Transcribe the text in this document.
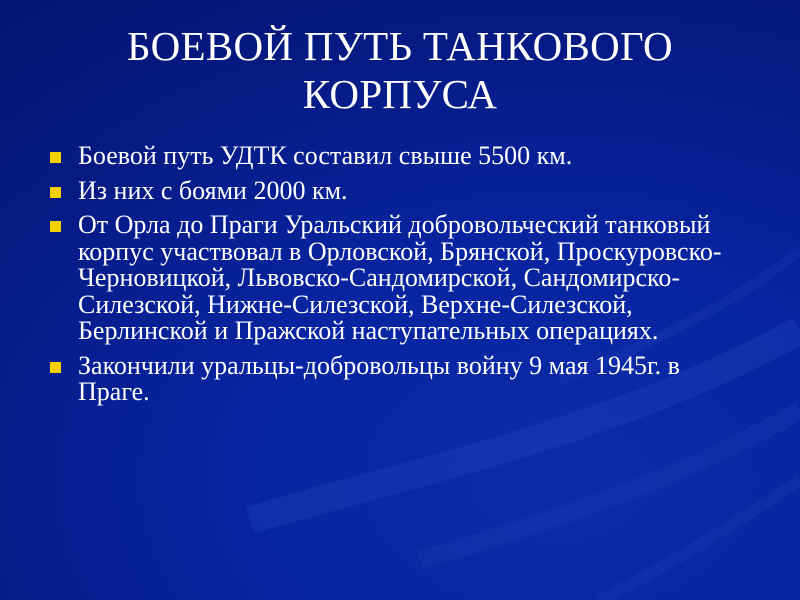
БОЕВОЙ ПУТЬ ТАНКОВОГО КОРПУСА
Боевой путь УДТК составил свыше 5500 км.
Из них с боями 2000 км.
От Орла до Праги Уральский добровольческий танковый корпус участвовал в Орловской, Брянской, Проскуровско-Черновицкой, Львовско-Сандомирской, Сандомирско-Силезской, Нижне-Силезской, Верхне-Силезской, Берлинской и Пражской наступательных операциях.
Закончили уральцы-добровольцы войну 9 мая 1945г. в Праге.
